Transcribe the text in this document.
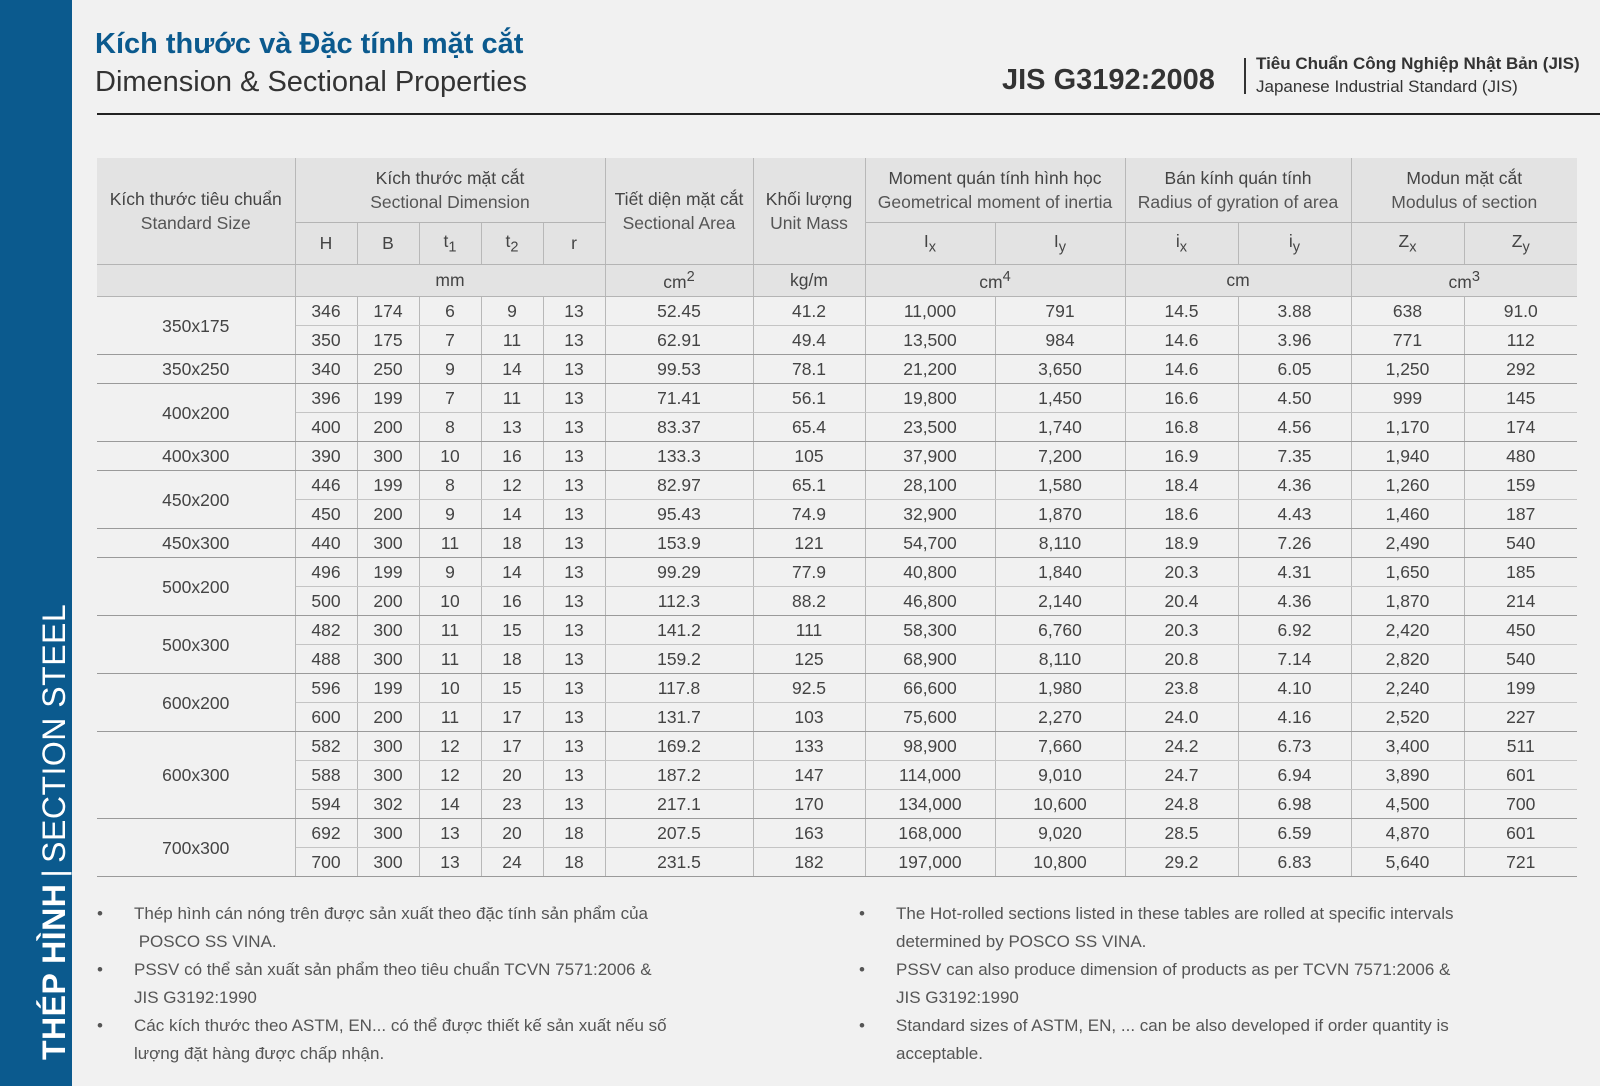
THÉP HÌNH|SECTION STEEL
Kích thước và Đặc tính mặt cắt
Dimension & Sectional Properties	JIS G3192:2008
Tiêu Chuẩn Công Nghiệp Nhật Bản (JIS)
Japanese Industrial Standard (JIS)
Kích thước tiêu chuẩn
Standard Size	Kích thước mặt cắt
Sectional Dimension					Tiết diện mặt cắt
Sectional Area	Khối lượng
Unit Mass	Moment quán tính hình học
Geometrical moment of inertia		Bán kính quán tính
Radius of gyration of area		Modun mặt cắt
Modulus of section	
	H	B	$t_1$	$t_2$	r			$I_x$	$I_y$	$i_x$	$i_y$	$Z_x$	$Z_y$
	mm					$cm^2$	kg/m	$cm^4$		cm		$cm^3$
350x175	346	174	6	9	13	52.45	41.2	11,000	791	14.5	3.88	638	91.0
	350	175	7	11	13	62.91	49.4	13,500	984	14.6	3.96	771	112
350x250	340	250	9	14	13	99.53	78.1	21,200	3,650	14.6	6.05	1,250	292
400x200	396	199	7	11	13	71.41	56.1	19,800	1,450	16.6	4.50	999	145
	400	200	8	13	13	83.37	65.4	23,500	1,740	16.8	4.56	1,170	174
400x300	390	300	10	16	13	133.3	105	37,900	7,200	16.9	7.35	1,940	480
450x200	446	199	8	12	13	82.97	65.1	28,100	1,580	18.4	4.36	1,260	159
	450	200	9	14	13	95.43	74.9	32,900	1,870	18.6	4.43	1,460	187
450x300	440	300	11	18	13	153.9	121	54,700	8,110	18.9	7.26	2,490	540
500x200	496	199	9	14	13	99.29	77.9	40,800	1,840	20.3	4.31	1,650	185
	500	200	10	16	13	112.3	88.2	46,800	2,140	20.4	4.36	1,870	214
500x300	482	300	11	15	13	141.2	111	58,300	6,760	20.3	6.92	2,420	450
	488	300	11	18	13	159.2	125	68,900	8,110	20.8	7.14	2,820	540
600x200	596	199	10	15	13	117.8	92.5	66,600	1,980	23.8	4.10	2,240	199
	600	200	11	17	13	131.7	103	75,600	2,270	24.0	4.16	2,520	227
600x300	582	300	12	17	13	169.2	133	98,900	7,660	24.2	6.73	3,400	511
	588	300	12	20	13	187.2	147	114,000	9,010	24.7	6.94	3,890	601
	594	302	14	23	13	217.1	170	134,000	10,600	24.8	6.98	4,500	700
700x300	692	300	13	20	18	207.5	163	168,000	9,020	28.5	6.59	4,870	601
	700	300	13	24	18	231.5	182	197,000	10,800	29.2	6.83	5,640	721
• Thép hình cán nóng trên được sản xuất theo đặc tính sản phẩm của
POSCO SS VINA.
• PSSV có thể sản xuất sản phẩm theo tiêu chuẩn TCVN 7571:2006 &
JIS G3192:1990
• Các kích thước theo ASTM, EN... có thể được thiết kế sản xuất nếu số
lượng đặt hàng được chấp nhận.
• The Hot-rolled sections listed in these tables are rolled at specific intervals
determined by POSCO SS VINA.
• PSSV can also produce dimension of products as per TCVN 7571:2006 &
JIS G3192:1990
• Standard sizes of ASTM, EN, ... can be also developed if order quantity is
acceptable.
